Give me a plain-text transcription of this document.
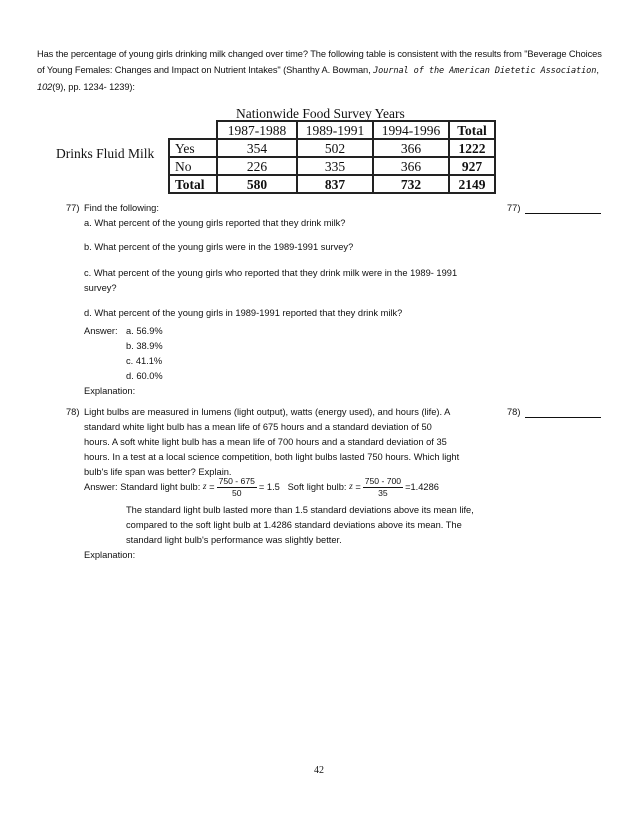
Has the percentage of young girls drinking milk changed over time? The following table is consistent with the results from "Beverage Choices of Young Females: Changes and Impact on Nutrient Intakes" (Shanthy A. Bowman, Journal of the American Dietetic Association, 102(9), pp. 1234- 1239):
Nationwide Food Survey Years
Drinks Fluid Milk
	1987-1988	1989-1991	1994-1996	Total
Yes	354	502	366	1222
No	226	335	366	927
Total	580	837	732	2149
77) Find the following:	77)
a. What percent of the young girls reported that they drink milk?
b. What percent of the young girls were in the 1989-1991 survey?
c. What percent of the young girls who reported that they drink milk were in the 1989- 1991
survey?
d. What percent of the young girls in 1989-1991 reported that they drink milk?
Answer: a. 56.9%
b. 38.9%
c. 41.1%
d. 60.0%
Explanation:
78) Light bulbs are measured in lumens (light output), watts (energy used), and hours (life). A
standard white light bulb has a mean life of 675 hours and a standard deviation of 50
hours. A soft white light bulb has a mean life of 700 hours and a standard deviation of 35
hours. In a test at a local science competition, both light bulbs lasted 750 hours. Which light
bulb's life span was better? Explain.
78)
Answer:
Standard light bulb:
z
= $\frac{750 - 675}{50} = 1.5$
Soft light bulb:
z
= $\frac{750 - 700}{35} =1.4286$
The standard light bulb lasted more than 1.5 standard deviations above its mean life,
compared to the soft light bulb at 1.4286 standard deviations above its mean. The
standard light bulb's performance was slightly better.
Explanation:
42
